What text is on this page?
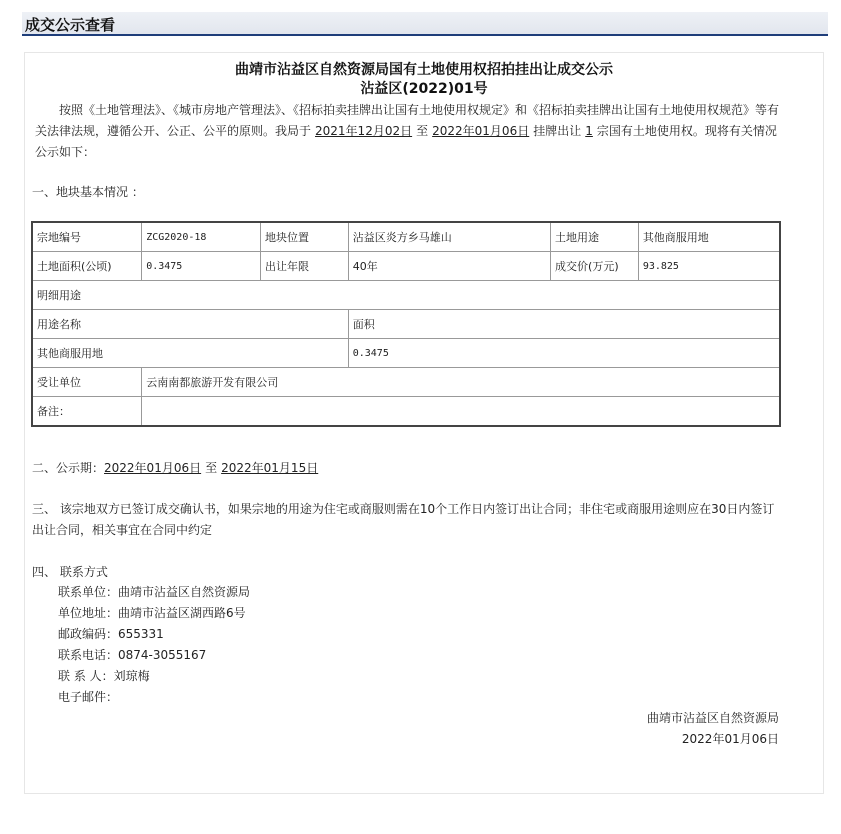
成交公示查看
曲靖市沾益区自然资源局国有土地使用权招拍挂出让成交公示
沾益区(2022)01号
按照《土地管理法》、《城市房地产管理法》、《招标拍卖挂牌出让国有土地使用权规定》和《招标拍卖挂牌出让国有土地使用权规范》等有关法律法规，遵循公开、公正、公平的原则。我局于 2021年12月02日 至 2022年01月06日 挂牌出让 1 宗国有土地使用权。现将有关情况公示如下：
一、地块基本情况 ：
宗地编号	ZCG2020-18	地块位置	沾益区炎方乡马雄山	土地用途	其他商服用地
土地面积(公顷)	0.3475	出让年限	40年	成交价(万元)	93.825
明细用途					
用途名称			面积		
其他商服用地			0.3475		
受让单位	云南南都旅游开发有限公司				
备注：					
二、公示期：2022年01月06日 至 2022年01月15日
三、 该宗地双方已签订成交确认书，如果宗地的用途为住宅或商服则需在10个工作日内签订出让合同；非住宅或商服用途则应在30日内签订出让合同，相关事宜在合同中约定
四、 联系方式
联系单位：曲靖市沾益区自然资源局
单位地址：曲靖市沾益区湖西路6号
邮政编码：655331
联系电话：0874-3055167
联 系 人：刘琼梅
电子邮件：
曲靖市沾益区自然资源局
2022年01月06日
